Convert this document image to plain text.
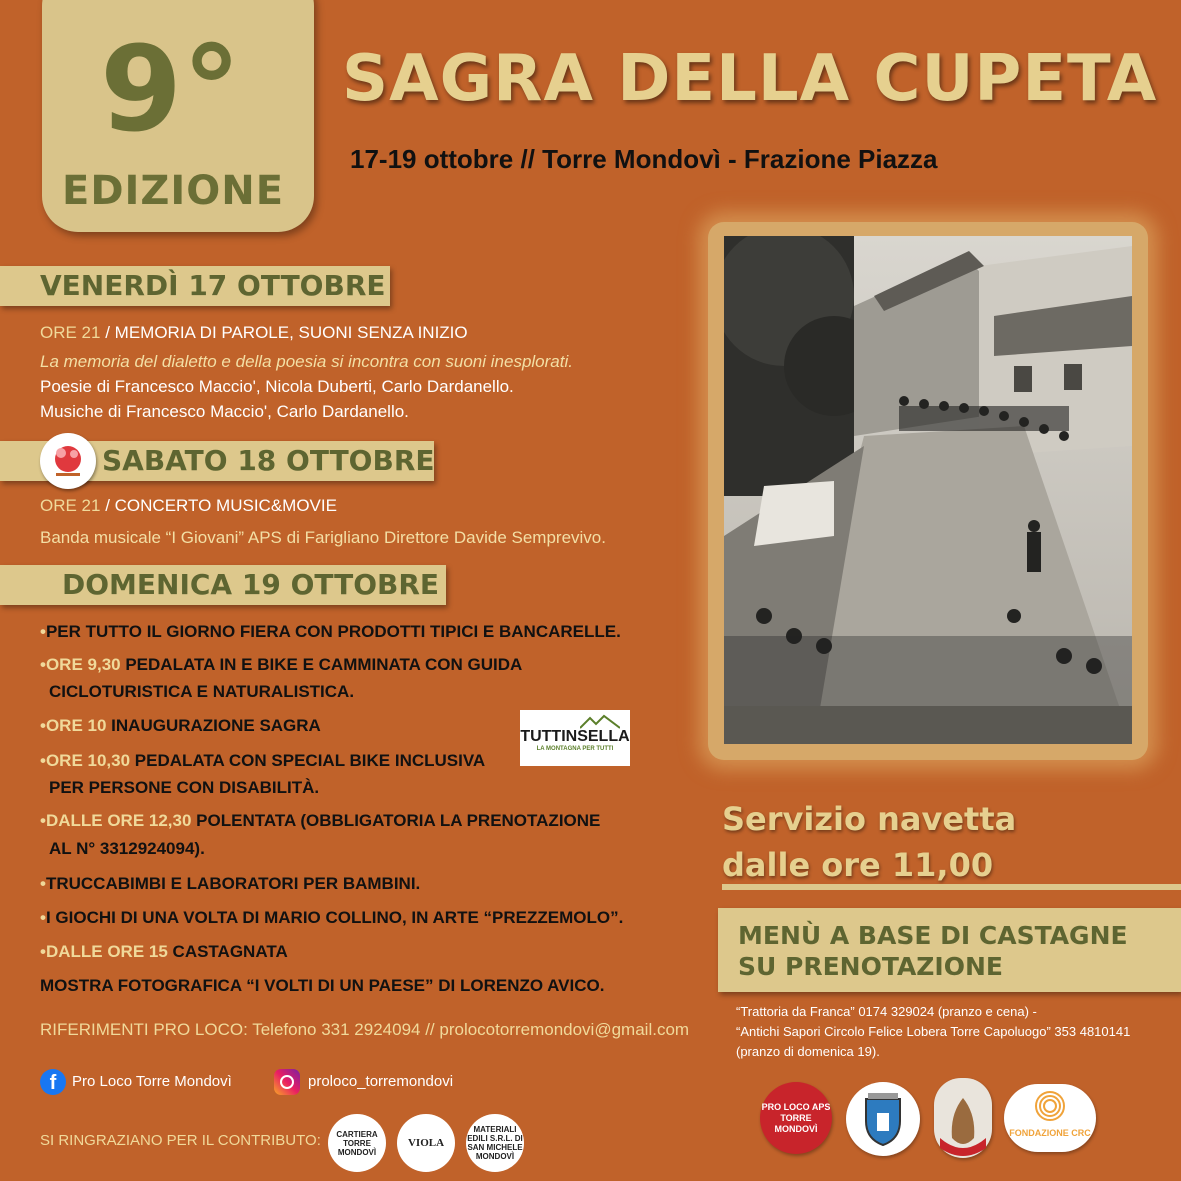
9°
EDIZIONE
SAGRA DELLA CUPETA
17-19 ottobre // Torre Mondovì - Frazione Piazza
VENERDÌ 17 OTTOBRE
ORE 21 / MEMORIA DI PAROLE, SUONI SENZA INIZIO
La memoria del dialetto e della poesia si incontra con suoni inesplorati.
Poesie di Francesco Maccio', Nicola Duberti, Carlo Dardanello.
Musiche di Francesco Maccio', Carlo Dardanello.
SABATO 18 OTTOBRE
ORE 21 / CONCERTO MUSIC&MOVIE
Banda musicale “I Giovani” APS di Farigliano Direttore Davide Semprevivo.
DOMENICA 19 OTTOBRE
•PER TUTTO IL GIORNO FIERA CON PRODOTTI TIPICI E BANCARELLE.
•ORE 9,30 PEDALATA IN E BIKE E CAMMINATA CON GUIDA
CICLOTURISTICA E NATURALISTICA.
•ORE 10 INAUGURAZIONE SAGRA
•ORE 10,30 PEDALATA CON SPECIAL BIKE INCLUSIVA
PER PERSONE CON DISABILITÀ.
•DALLE ORE 12,30 POLENTATA (OBBLIGATORIA LA PRENOTAZIONE
AL N° 3312924094).
•TRUCCABIMBI E LABORATORI PER BAMBINI.
•I GIOCHI DI UNA VOLTA DI MARIO COLLINO, IN ARTE “PREZZEMOLO”.
•DALLE ORE 15 CASTAGNATA
MOSTRA FOTOGRAFICA “I VOLTI DI UN PAESE” DI LORENZO AVICO.
TUTTINSELLA
LA MONTAGNA PER TUTTI
Servizio navetta
dalle ore 11,00
MENÙ A BASE DI CASTAGNE
SU PRENOTAZIONE
“Trattoria da Franca” 0174 329024 (pranzo e cena) -
“Antichi Sapori Circolo Felice Lobera Torre Capoluogo” 353 4810141
(pranzo di domenica 19).
RIFERIMENTI PRO LOCO: Telefono 331 2924094 // prolocotorremondovi@gmail.com
f Pro Loco Torre Mondovì	proloco_torremondovi
SI RINGRAZIANO PER IL CONTRIBUTO:	CARTIERA TORRE MONDOVÌ
VIOLA
MATERIALI EDILI S.R.L. DI SAN MICHELE MONDOVÌ
PRO LOCO APS TORRE MONDOVÌ	FONDAZIONE CRC
